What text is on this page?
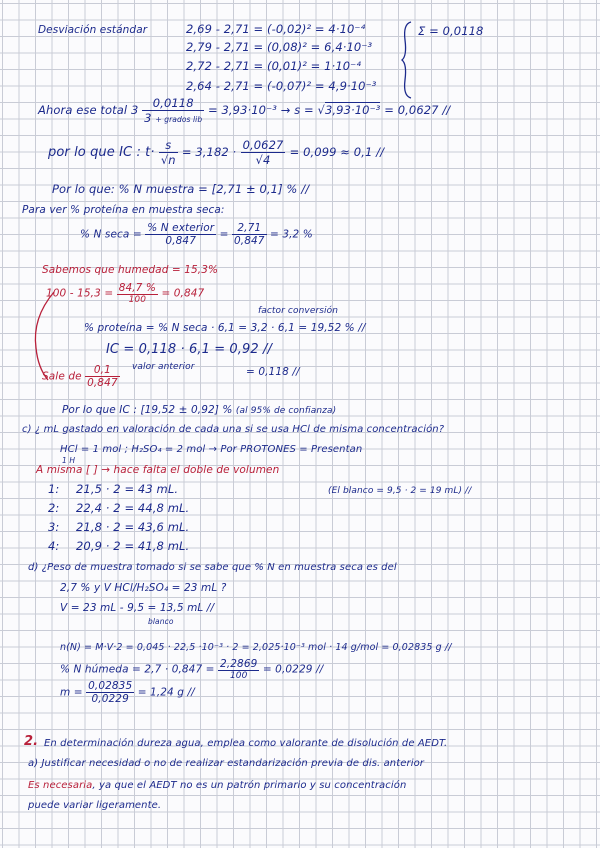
Desviación estándar	2,69 - 2,71 = (-0,02)² = 4·10⁻⁴
2,79 - 2,71 = (0,08)² = 6,4·10⁻³
2,72 - 2,71 = (0,01)² = 1·10⁻⁴
2,64 - 2,71 = (-0,07)² = 4,9·10⁻³
Σ = 0,0118
Ahora ese total $3 \frac{0,0118}{\text{3 + grados lib}} = 3,93\cdot 10^{-3} \to s = √3,93\cdot 10^{-3} = 0,0627$ //
por lo que IC : $t\cdot \frac{s}{√n} = 3,182 \cdot \frac{0,0627}{√4} = 0,099 \approx 0,1$ //
Por lo que: % N muestra = [2,71 ± 0,1] % //
Para ver % proteína en muestra seca:
% N $\sec a = \frac{\text{\% N exterior}}{0,847} = \frac{2,71}{0,847} = 3,2$ %
Sabemos que humedad = 15,3%
$100 - 15,3 = \frac{84,7 \%}{100} = 0,847$
factor conversión
% proteína = % N seca · 6,1 = 3,2 · 6,1 = 19,52 % //
IC = 0,118 · 6,1 = 0,92 //
Sale de $\frac{0,1}{0,847}$ valor anterior	= 0,118 //
Por lo que IC : [19,52 ± 0,92] % (al 95% de confianza)
c) ¿ mL gastado en valoración de cada una si se usa HCl de misma concentración?
HCl = 1 mol ; H₂SO₄ = 2 mol → Por PROTONES = Presentan
1 H
A misma [ ] → hace falta el doble de volumen
1: 21,5 · 2 = 43 mL.
2: 22,4 · 2 = 44,8 mL.
3: 21,8 · 2 = 43,6 mL.
4: 20,9 · 2 = 41,8 mL.
(El blanco = 9,5 · 2 = 19 mL) //
d) ¿Peso de muestra tomado si se sabe que % N en muestra seca es del
2,7 % y V HCl/H₂SO₄ = 23 mL ?
V = 23 mL - 9,5 = 13,5 mL //
blanco
n(N) = M·V·2 = 0,045 · 22,5 ·10⁻³ · 2 = 2,025·10⁻³ mol · 14 g/mol = 0,02835 g //
% N húmeda = $2,7 \cdot 0,847 = \frac{2,2869}{100} = 0,0229$ //
$m = \frac{0,02835}{0,0229} = 1,24$ g //
2. En determinación dureza agua, emplea como valorante de disolución de AEDT.
a) Justificar necesidad o no de realizar estandarización previa de dis. anterior
Es necesaria, ya que el AEDT no es un patrón primario y su concentración
puede variar ligeramente.
